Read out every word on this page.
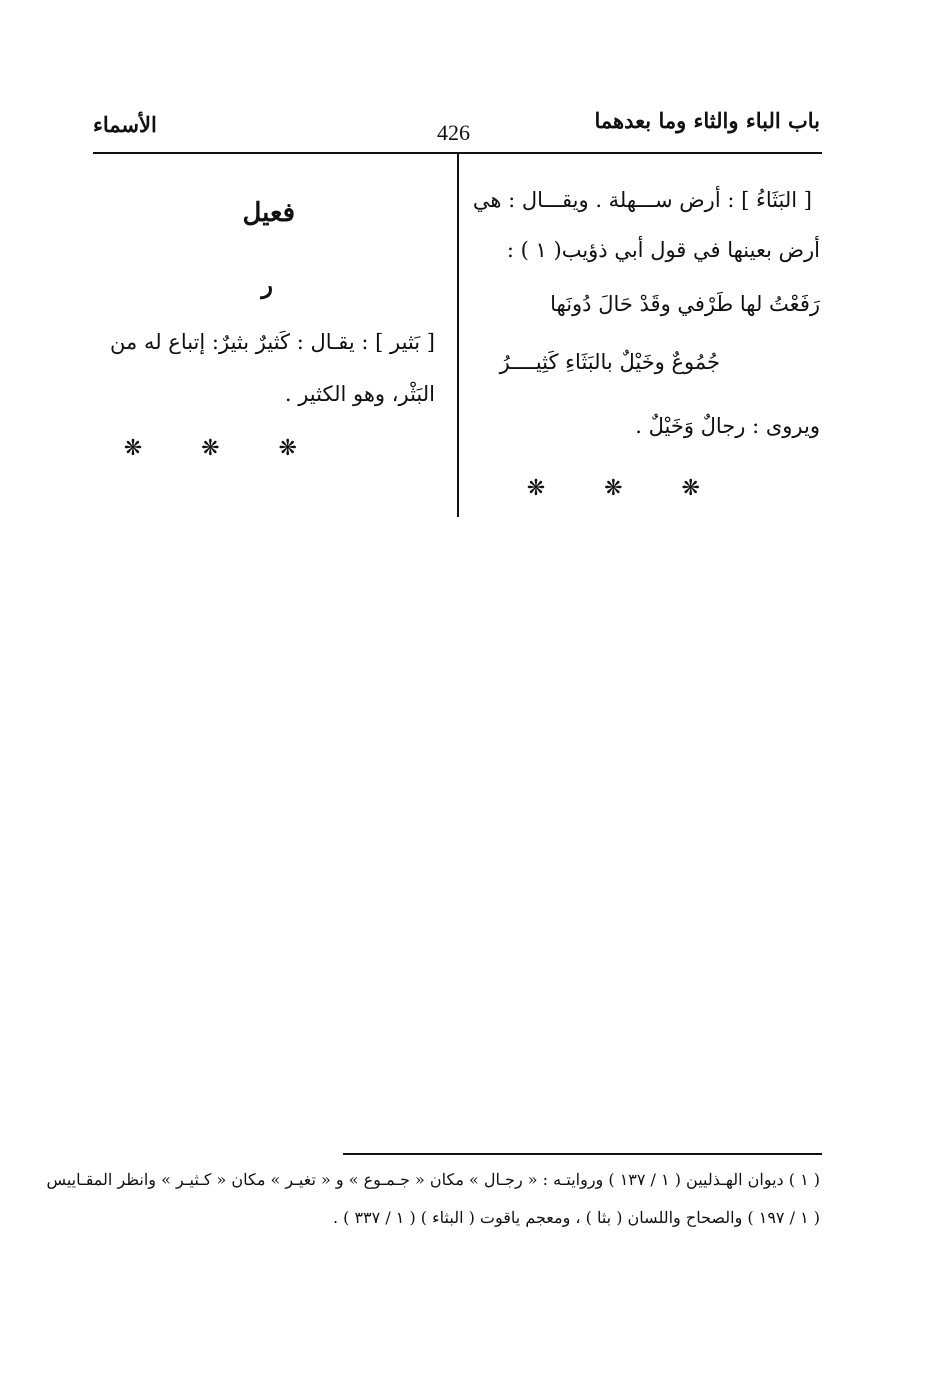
باب الباء والثاء وما بعدهما
426
الأسماء
[ البَثَاءُ ] : أرض ســـهلة . ويقـــال : هي
أرض بعينها في قول أبي ذؤيب( ١ ) :
رَفَعْتُ لها طَرْفي وقَدْ حَالَ دُونَها
جُمُوعٌ وخَيْلٌ بالبَثَاءِ كَثِيــــرُ
ويروى : رجالٌ وَخَيْلٌ .
❋ ❋ ❋
فعيل
ر
[ بَثير ] : يقـال : كَثيرٌ بثيرٌ: إتباع له من
البَثْر، وهو الكثير .
❋ ❋ ❋
( ١ ) ديوان الهـذليين ( ١ / ١٣٧ ) وروايتـه : « رجـال » مكان « جـمـوع » و « تغيـر » مكان « كـثيـر » وانظر المقـاييس
( ١ / ١٩٧ ) والصحاح واللسان ( بثا ) ، ومعجم ياقوت ( البثاء ) ( ١ / ٣٣٧ ) .
